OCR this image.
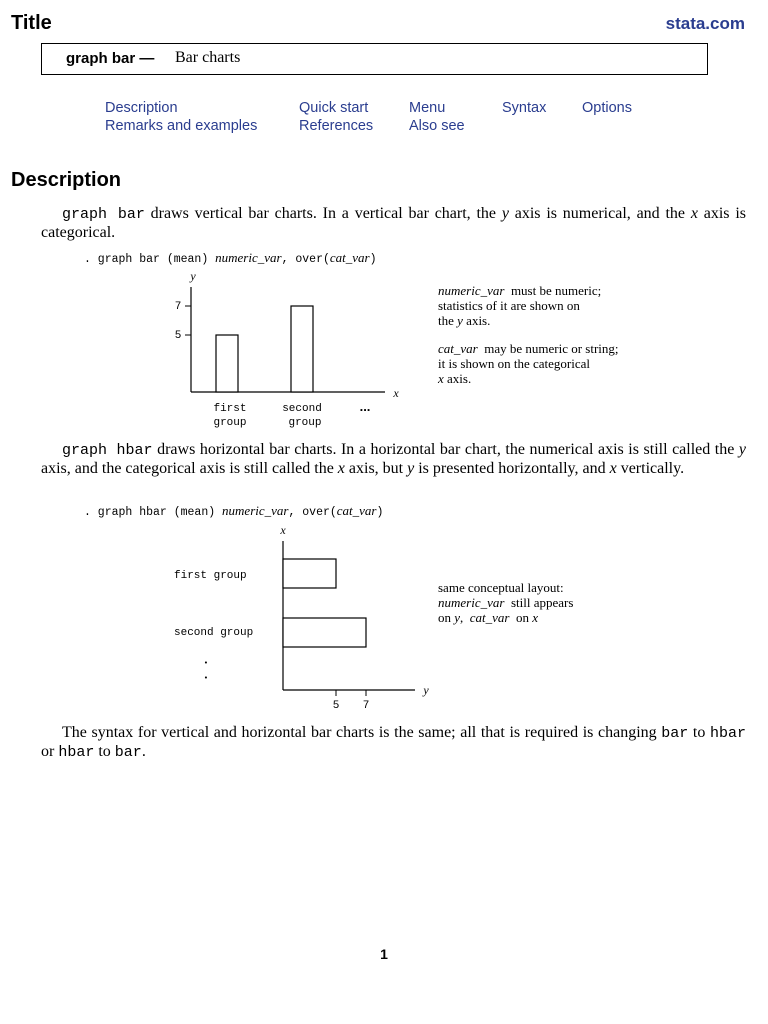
Title	stata.com
graph bar — Bar charts
Description
Remarks and examples
Quick start
References
Menu
Also see
Syntax Options
Description
graph bar draws vertical bar charts. In a vertical bar chart, the y axis is numerical, and the x axis is categorical.
. graph bar (mean) numeric_var, over(cat_var)
y
x
7
5
first
group
second
group
...
numeric_var  must be numeric;
statistics of it are shown on
the y axis.
cat_var  may be numeric or string;
it is shown on the categorical
x axis.
graph hbar draws horizontal bar charts. In a horizontal bar chart, the numerical axis is still called the y axis, and the categorical axis is still called the x axis, but y is presented horizontally, and x vertically.
. graph hbar (mean) numeric_var, over(cat_var)
x
y
5 7
first group
second group
•
•
same conceptual layout:
numeric_var  still appears
on y,  cat_var  on x
The syntax for vertical and horizontal bar charts is the same; all that is required is changing bar to hbar or hbar to bar.
1
